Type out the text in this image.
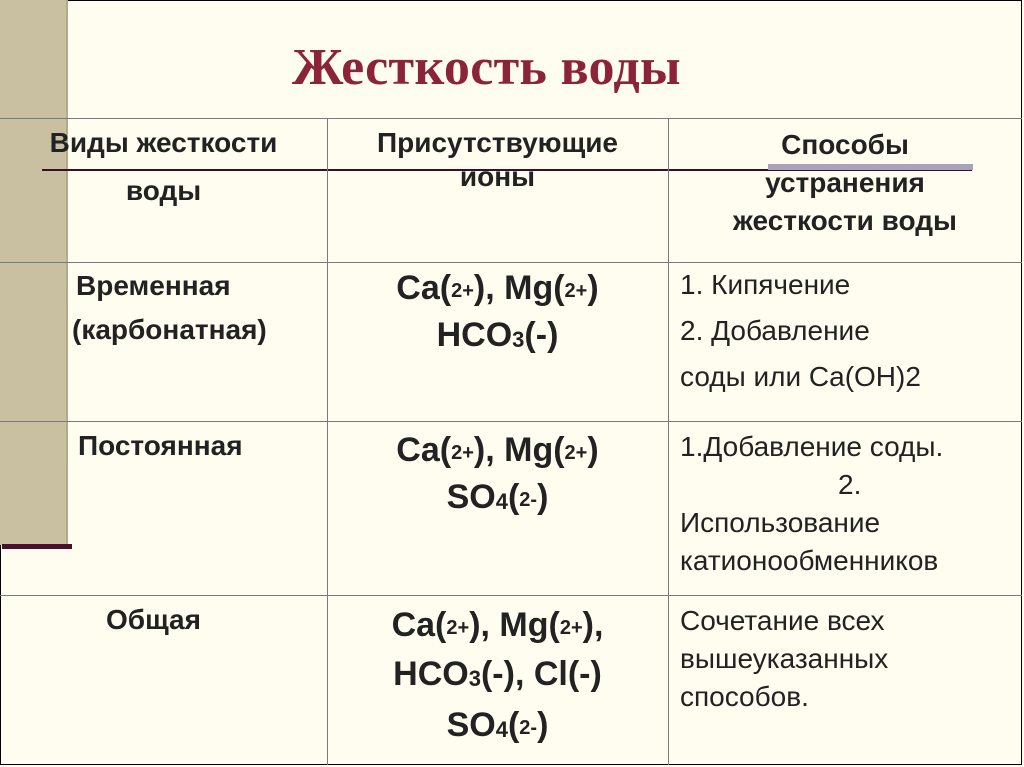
Жесткость воды
Виды жесткости
воды
Присутствующие
ионы
Способы
устранения
жесткости воды
Временная
(карбонатная)
Ca(2+), Mg(2+)
HCO3(-)
1. Кипячение
2. Добавление
соды или Ca(OH)2
Постоянная	Ca(2+), Mg(2+)
SO4(2-)
1.Добавление соды.
2.
Использование
катионообменников
Общая	Ca(2+), Mg(2+),
HCO3(-), Cl(-)
SO4(2-)
Сочетание всех
вышеуказанных
способов.
